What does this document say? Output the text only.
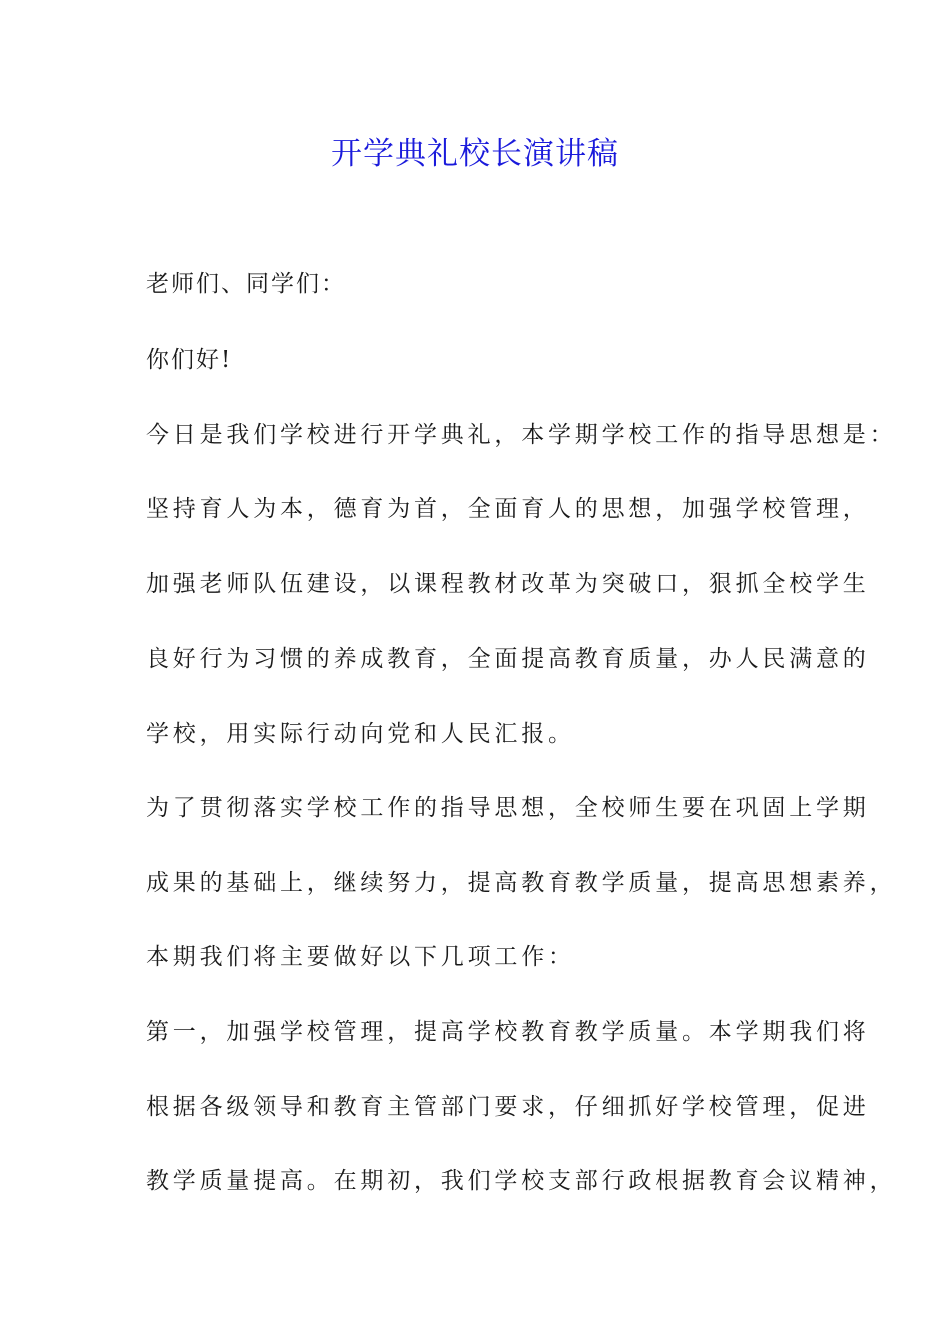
开学典礼校长演讲稿

老师们、同学们：

你们好!

今日是我们学校进行开学典礼，本学期学校工作的指导思想是：

坚持育人为本，德育为首，全面育人的思想，加强学校管理，

加强老师队伍建设，以课程教材改革为突破口，狠抓全校学生

良好行为习惯的养成教育，全面提高教育质量，办人民满意的

学校，用实际行动向党和人民汇报。

为了贯彻落实学校工作的指导思想，全校师生要在巩固上学期

成果的基础上，继续努力，提高教育教学质量，提高思想素养，

本期我们将主要做好以下几项工作：

第一，加强学校管理，提高学校教育教学质量。本学期我们将

根据各级领导和教育主管部门要求，仔细抓好学校管理，促进

教学质量提高。在期初，我们学校支部行政根据教育会议精神，
